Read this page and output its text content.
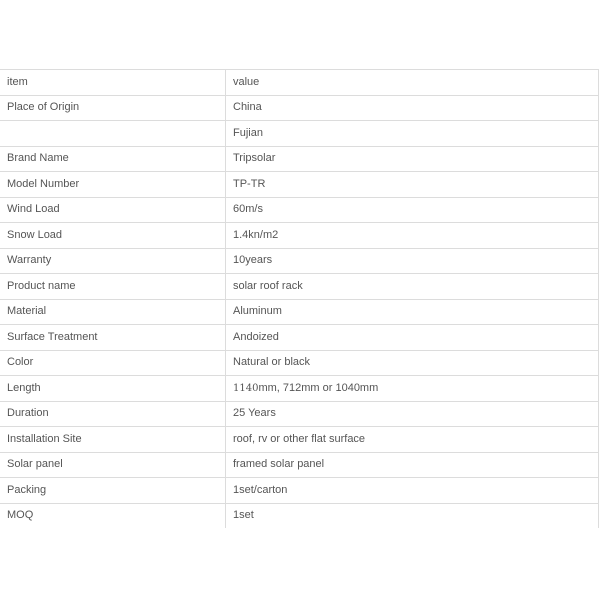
item	value
Place of Origin	China
	Fujian
Brand Name	Tripsolar
Model Number	TP-TR
Wind Load	60m/s
Snow Load	1.4kn/m2
Warranty	10years
Product name	solar roof rack
Material	Aluminum
Surface Treatment	Andoized
Color	Natural or black
Length	1140mm, 712mm or 1040mm
Duration	25 Years
Installation Site	roof, rv or other flat surface
Solar panel	framed solar panel
Packing	1set/carton
MOQ	1set
